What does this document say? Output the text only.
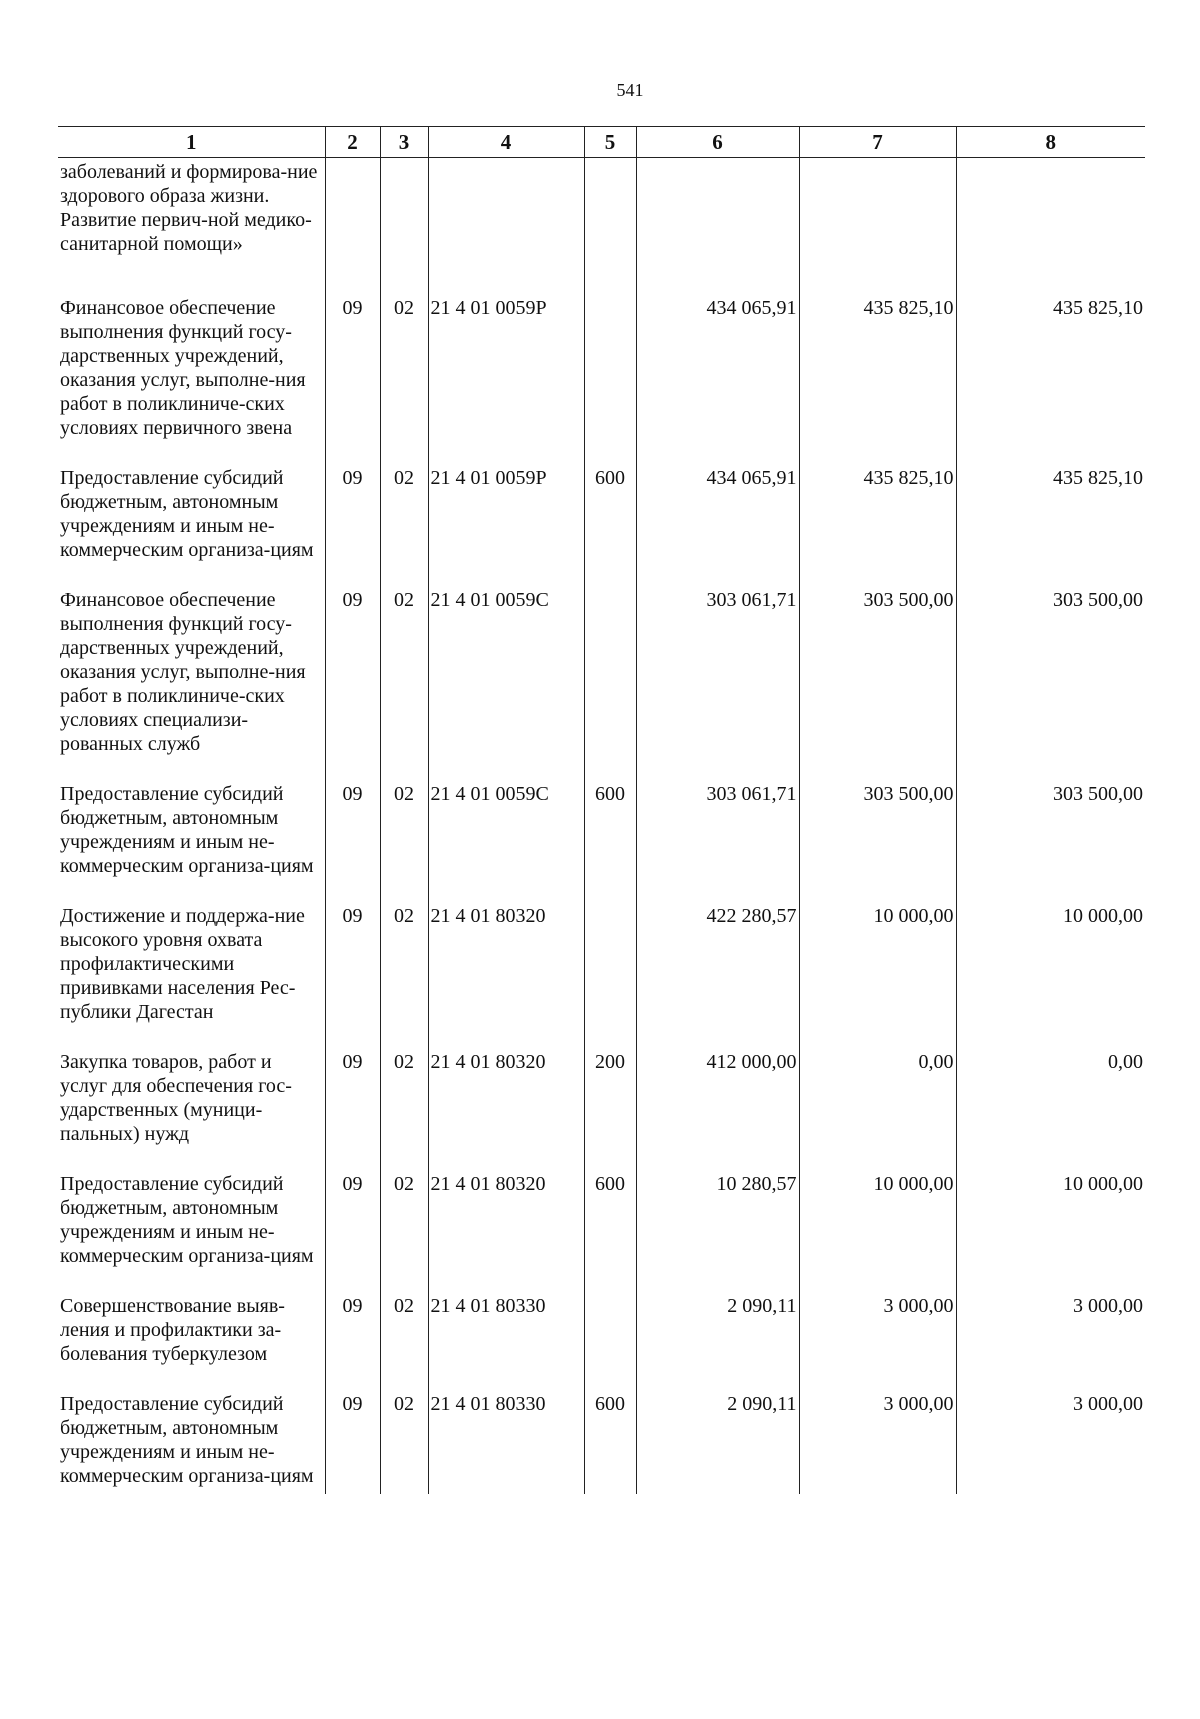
541
1	2	3	4	5	6	7	8
заболеваний и формирова-ние здорового образа жизни. Развитие первич-ной медико-санитарной помощи»							
Финансовое обеспечение выполнения функций госу-дарственных учреждений, оказания услуг, выполне-ния работ в поликлиниче-ских условиях первичного звена	09	02	21 4 01 0059Р		434 065,91	435 825,10	435 825,10
Предоставление субсидий бюджетным, автономным учреждениям и иным не-коммерческим организа-циям	09	02	21 4 01 0059Р	600	434 065,91	435 825,10	435 825,10
Финансовое обеспечение выполнения функций госу-дарственных учреждений, оказания услуг, выполне-ния работ в поликлиниче-ских условиях специализи-рованных служб	09	02	21 4 01 0059С		303 061,71	303 500,00	303 500,00
Предоставление субсидий бюджетным, автономным учреждениям и иным не-коммерческим организа-циям	09	02	21 4 01 0059С	600	303 061,71	303 500,00	303 500,00
Достижение и поддержа-ние высокого уровня охвата профилактическими прививками населения Рес-публики Дагестан	09	02	21 4 01 80320		422 280,57	10 000,00	10 000,00
Закупка товаров, работ и услуг для обеспечения гос-ударственных (муници-пальных) нужд	09	02	21 4 01 80320	200	412 000,00	0,00	0,00
Предоставление субсидий бюджетным, автономным учреждениям и иным не-коммерческим организа-циям	09	02	21 4 01 80320	600	10 280,57	10 000,00	10 000,00
Совершенствование выяв-ления и профилактики за-болевания туберкулезом	09	02	21 4 01 80330		2 090,11	3 000,00	3 000,00
Предоставление субсидий бюджетным, автономным учреждениям и иным не-коммерческим организа-циям	09	02	21 4 01 80330	600	2 090,11	3 000,00	3 000,00
